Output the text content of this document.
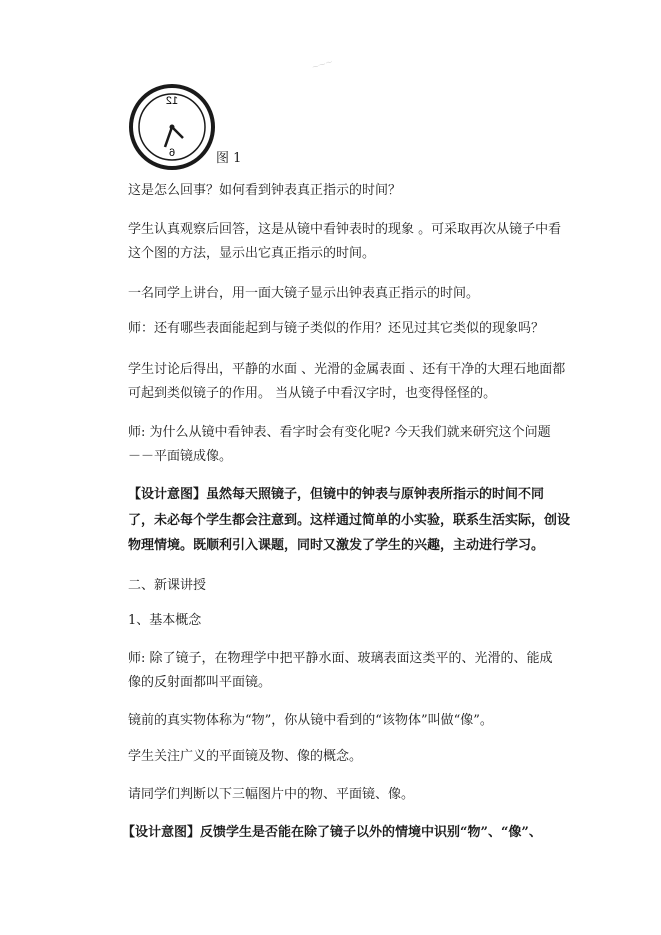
〜〜〜
12
6	图 1
这是怎么回事？如何看到钟表真正指示的时间？
学生认真观察后回答，这是从镜中看钟表时的现象 。可采取再次从镜子中看
这个图的方法，显示出它真正指示的时间。
一名同学上讲台，用一面大镜子显示出钟表真正指示的时间。
师：还有哪些表面能起到与镜子类似的作用？还见过其它类似的现象吗？
学生讨论后得出，平静的水面 、光滑的金属表面 、还有干净的大理石地面都
可起到类似镜子的作用。 当从镜子中看汉字时，也变得怪怪的。
师: 为什么从镜中看钟表、看字时会有变化呢? 今天我们就来研究这个问题
－－平面镜成像。
【设计意图】虽然每天照镜子，但镜中的钟表与原钟表所指示的时间不同
了，未必每个学生都会注意到。这样通过简单的小实验，联系生活实际，创设
物理情境。既顺利引入课题，同时又激发了学生的兴趣，主动进行学习。
二、新课讲授
1、基本概念
师: 除了镜子，在物理学中把平静水面、玻璃表面这类平的、光滑的、能成
像的反射面都叫平面镜。
镜前的真实物体称为“物”，你从镜中看到的“该物体”叫做“像”。
学生关注广义的平面镜及物、像的概念。
请同学们判断以下三幅图片中的物、平面镜、像。
【设计意图】反馈学生是否能在除了镜子以外的情境中识别“物”、“像”、
